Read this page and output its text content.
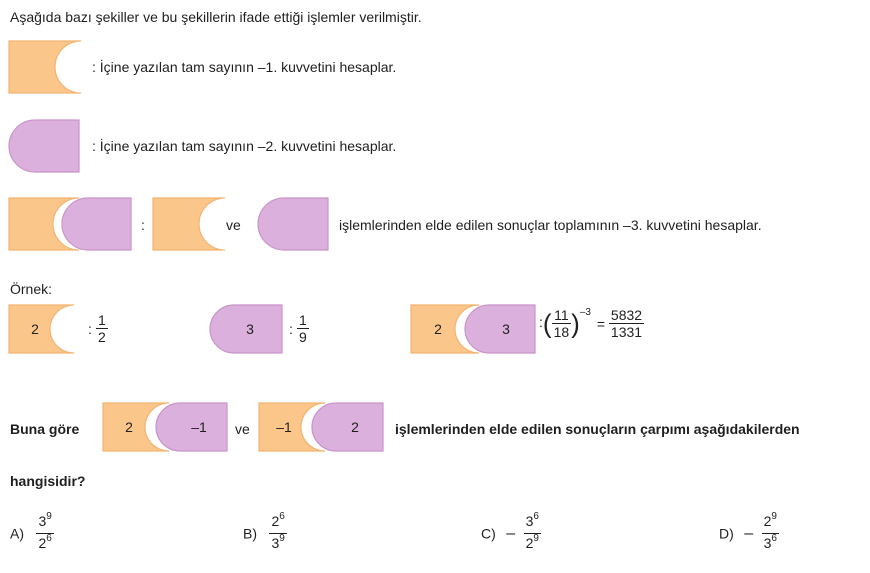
Aşağıda bazı şekiller ve bu şekillerin ifade ettiği işlemler verilmiştir.
: İçine yazılan tam sayının –1. kuvvetini hesaplar.
: İçine yazılan tam sayının –2. kuvvetini hesaplar.
:	ve	işlemlerinden elde edilen sonuçlar toplamının –3. kuvvetini hesaplar.
Örnek:
2	: $\frac{1}{2}$	3	: $\frac{1}{9}$	2	3 :( $\frac{11}{18} )^{-3} = \frac{5832}{1331}$
Buna göre	2	–1 ve –1	2	işlemlerinden elde edilen sonuçların çarpımı aşağıdakilerden
hangisidir?
$A) \frac{3^9}{2^6}$	$B) \frac{2^6}{3^9}$	$C) - \frac{3^6}{2^9}$	$D) - \frac{2^9}{3^6}$
